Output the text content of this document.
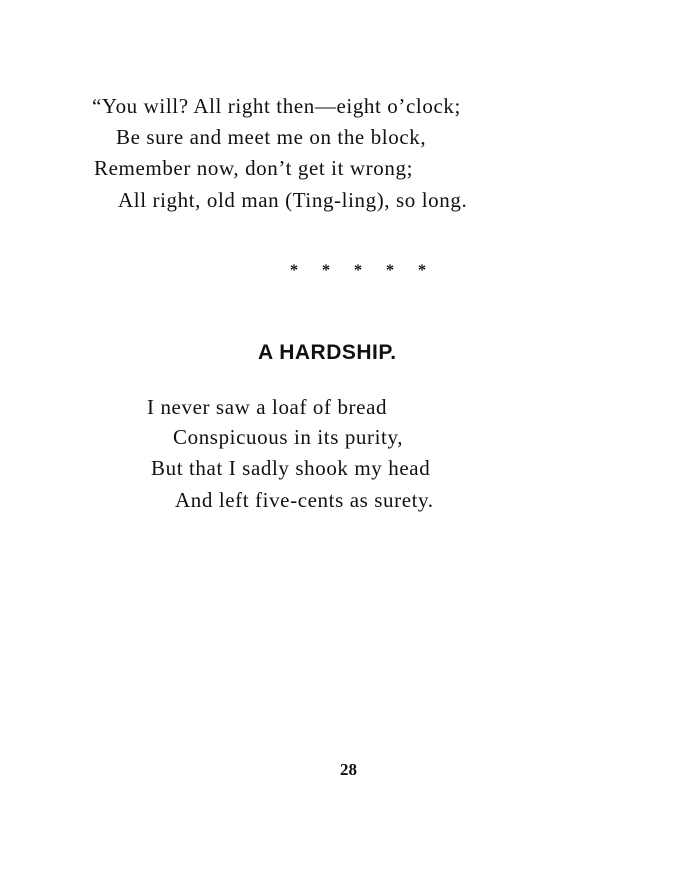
“You will? All right then—eight o’clock;
Be sure and meet me on the block,
Remember now, don’t get it wrong;
All right, old man (Ting-ling), so long.
* * * * *
A HARDSHIP.
I never saw a loaf of bread
Conspicuous in its purity,
But that I sadly shook my head
And left five-cents as surety.
28
